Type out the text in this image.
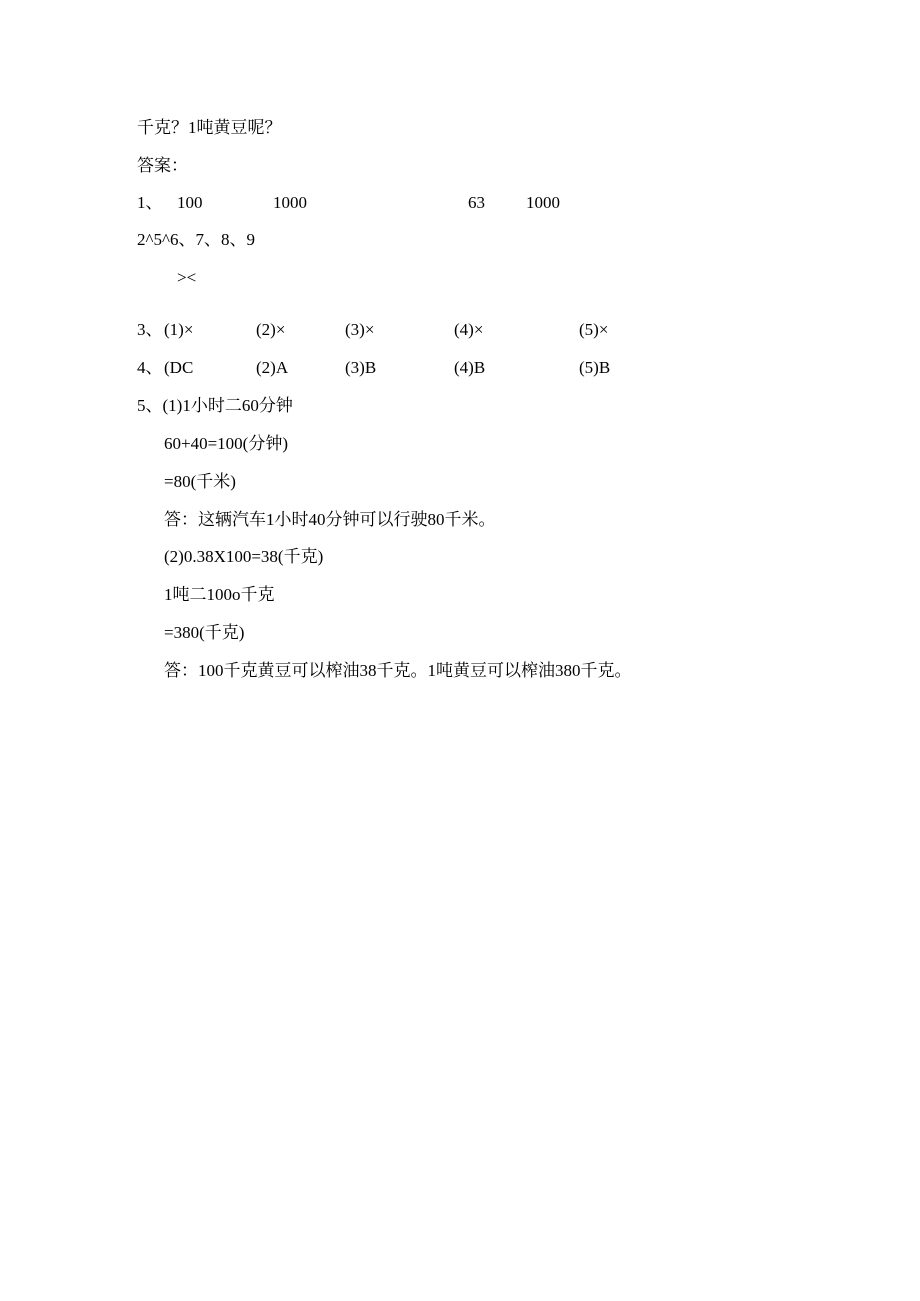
千克？1吨黄豆呢？
答案：
1、 100	1000	63 1000
2^5^6、7、8、9
><
3、 (1)×	(2)×	(3)×	(4)×	(5)×
4、 (DC	(2)A	(3)B	(4)B	(5)B
5、(1)1小时二60分钟
60+40=100(分钟)
=80(千米)
答：这辆汽车1小时40分钟可以行驶80千米。
(2)0.38X100=38(千克)
1吨二100o千克
=380(千克)
答：100千克黄豆可以榨油38千克。1吨黄豆可以榨油380千克。
